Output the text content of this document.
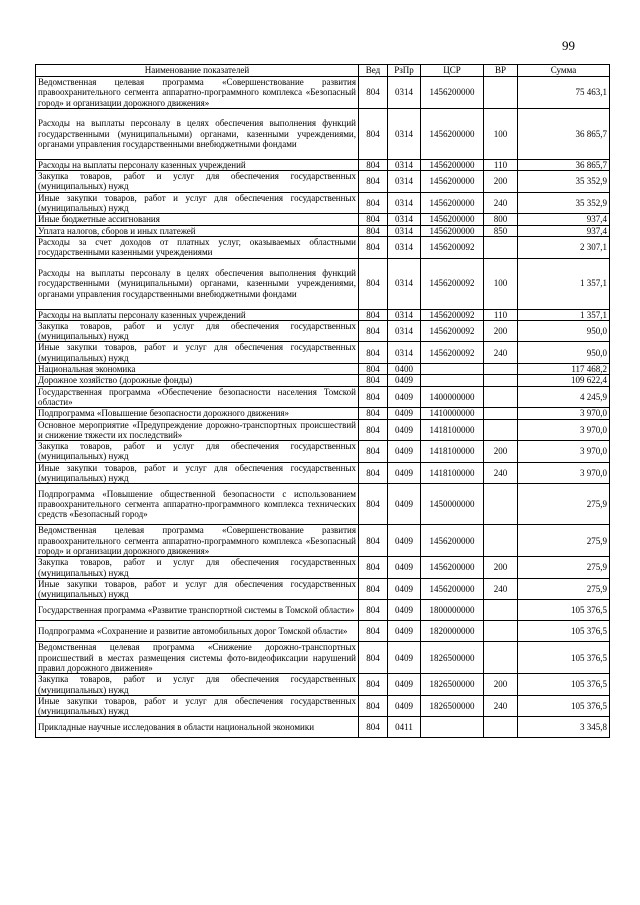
99
Наименование показателей	Вед	РзПр	ЦСР	ВР	Сумма
Ведомственная целевая программа «Совершенствование развития правоохранительного сегмента аппаратно-программного комплекса «Безопасный город» и организации дорожного движения»	804	0314	1456200000		75 463,1
Расходы на выплаты персоналу в целях обеспечения выполнения функций государственными (муниципальными) органами, казенными учреждениями, органами управления государственными внебюджетными фондами	804	0314	1456200000	100	36 865,7
Расходы на выплаты персоналу казенных учреждений	804	0314	1456200000	110	36 865,7
Закупка товаров, работ и услуг для обеспечения государственных (муниципальных) нужд	804	0314	1456200000	200	35 352,9
Иные закупки товаров, работ и услуг для обеспечения государственных (муниципальных) нужд	804	0314	1456200000	240	35 352,9
Иные бюджетные ассигнования	804	0314	1456200000	800	937,4
Уплата налогов, сборов и иных платежей	804	0314	1456200000	850	937,4
Расходы за счет доходов от платных услуг, оказываемых областными государственными казенными учреждениями	804	0314	1456200092		2 307,1
Расходы на выплаты персоналу в целях обеспечения выполнения функций государственными (муниципальными) органами, казенными учреждениями, органами управления государственными внебюджетными фондами	804	0314	1456200092	100	1 357,1
Расходы на выплаты персоналу казенных учреждений	804	0314	1456200092	110	1 357,1
Закупка товаров, работ и услуг для обеспечения государственных (муниципальных) нужд	804	0314	1456200092	200	950,0
Иные закупки товаров, работ и услуг для обеспечения государственных (муниципальных) нужд	804	0314	1456200092	240	950,0
Национальная экономика	804	0400			117 468,2
Дорожное хозяйство (дорожные фонды)	804	0409			109 622,4
Государственная программа «Обеспечение безопасности населения Томской области»	804	0409	1400000000		4 245,9
Подпрограмма «Повышение безопасности дорожного движения»	804	0409	1410000000		3 970,0
Основное мероприятие «Предупреждение дорожно-транспортных происшествий и снижение тяжести их последствий»	804	0409	1418100000		3 970,0
Закупка товаров, работ и услуг для обеспечения государственных (муниципальных) нужд	804	0409	1418100000	200	3 970,0
Иные закупки товаров, работ и услуг для обеспечения государственных (муниципальных) нужд	804	0409	1418100000	240	3 970,0
Подпрограмма «Повышение общественной безопасности с использованием правоохранительного сегмента аппаратно-программного комплекса технических средств «Безопасный город»	804	0409	1450000000		275,9
Ведомственная целевая программа «Совершенствование развития правоохранительного сегмента аппаратно-программного комплекса «Безопасный город» и организации дорожного движения»	804	0409	1456200000		275,9
Закупка товаров, работ и услуг для обеспечения государственных (муниципальных) нужд	804	0409	1456200000	200	275,9
Иные закупки товаров, работ и услуг для обеспечения государственных (муниципальных) нужд	804	0409	1456200000	240	275,9
Государственная программа «Развитие транспортной системы в Томской области»	804	0409	1800000000		105 376,5
Подпрограмма «Сохранение и развитие автомобильных дорог Томской области»	804	0409	1820000000		105 376,5
Ведомственная целевая программа «Снижение дорожно-транспортных происшествий в местах размещения системы фото-видеофиксации нарушений правил дорожного движения»	804	0409	1826500000		105 376,5
Закупка товаров, работ и услуг для обеспечения государственных (муниципальных) нужд	804	0409	1826500000	200	105 376,5
Иные закупки товаров, работ и услуг для обеспечения государственных (муниципальных) нужд	804	0409	1826500000	240	105 376,5
Прикладные научные исследования в области национальной экономики	804	0411			3 345,8
